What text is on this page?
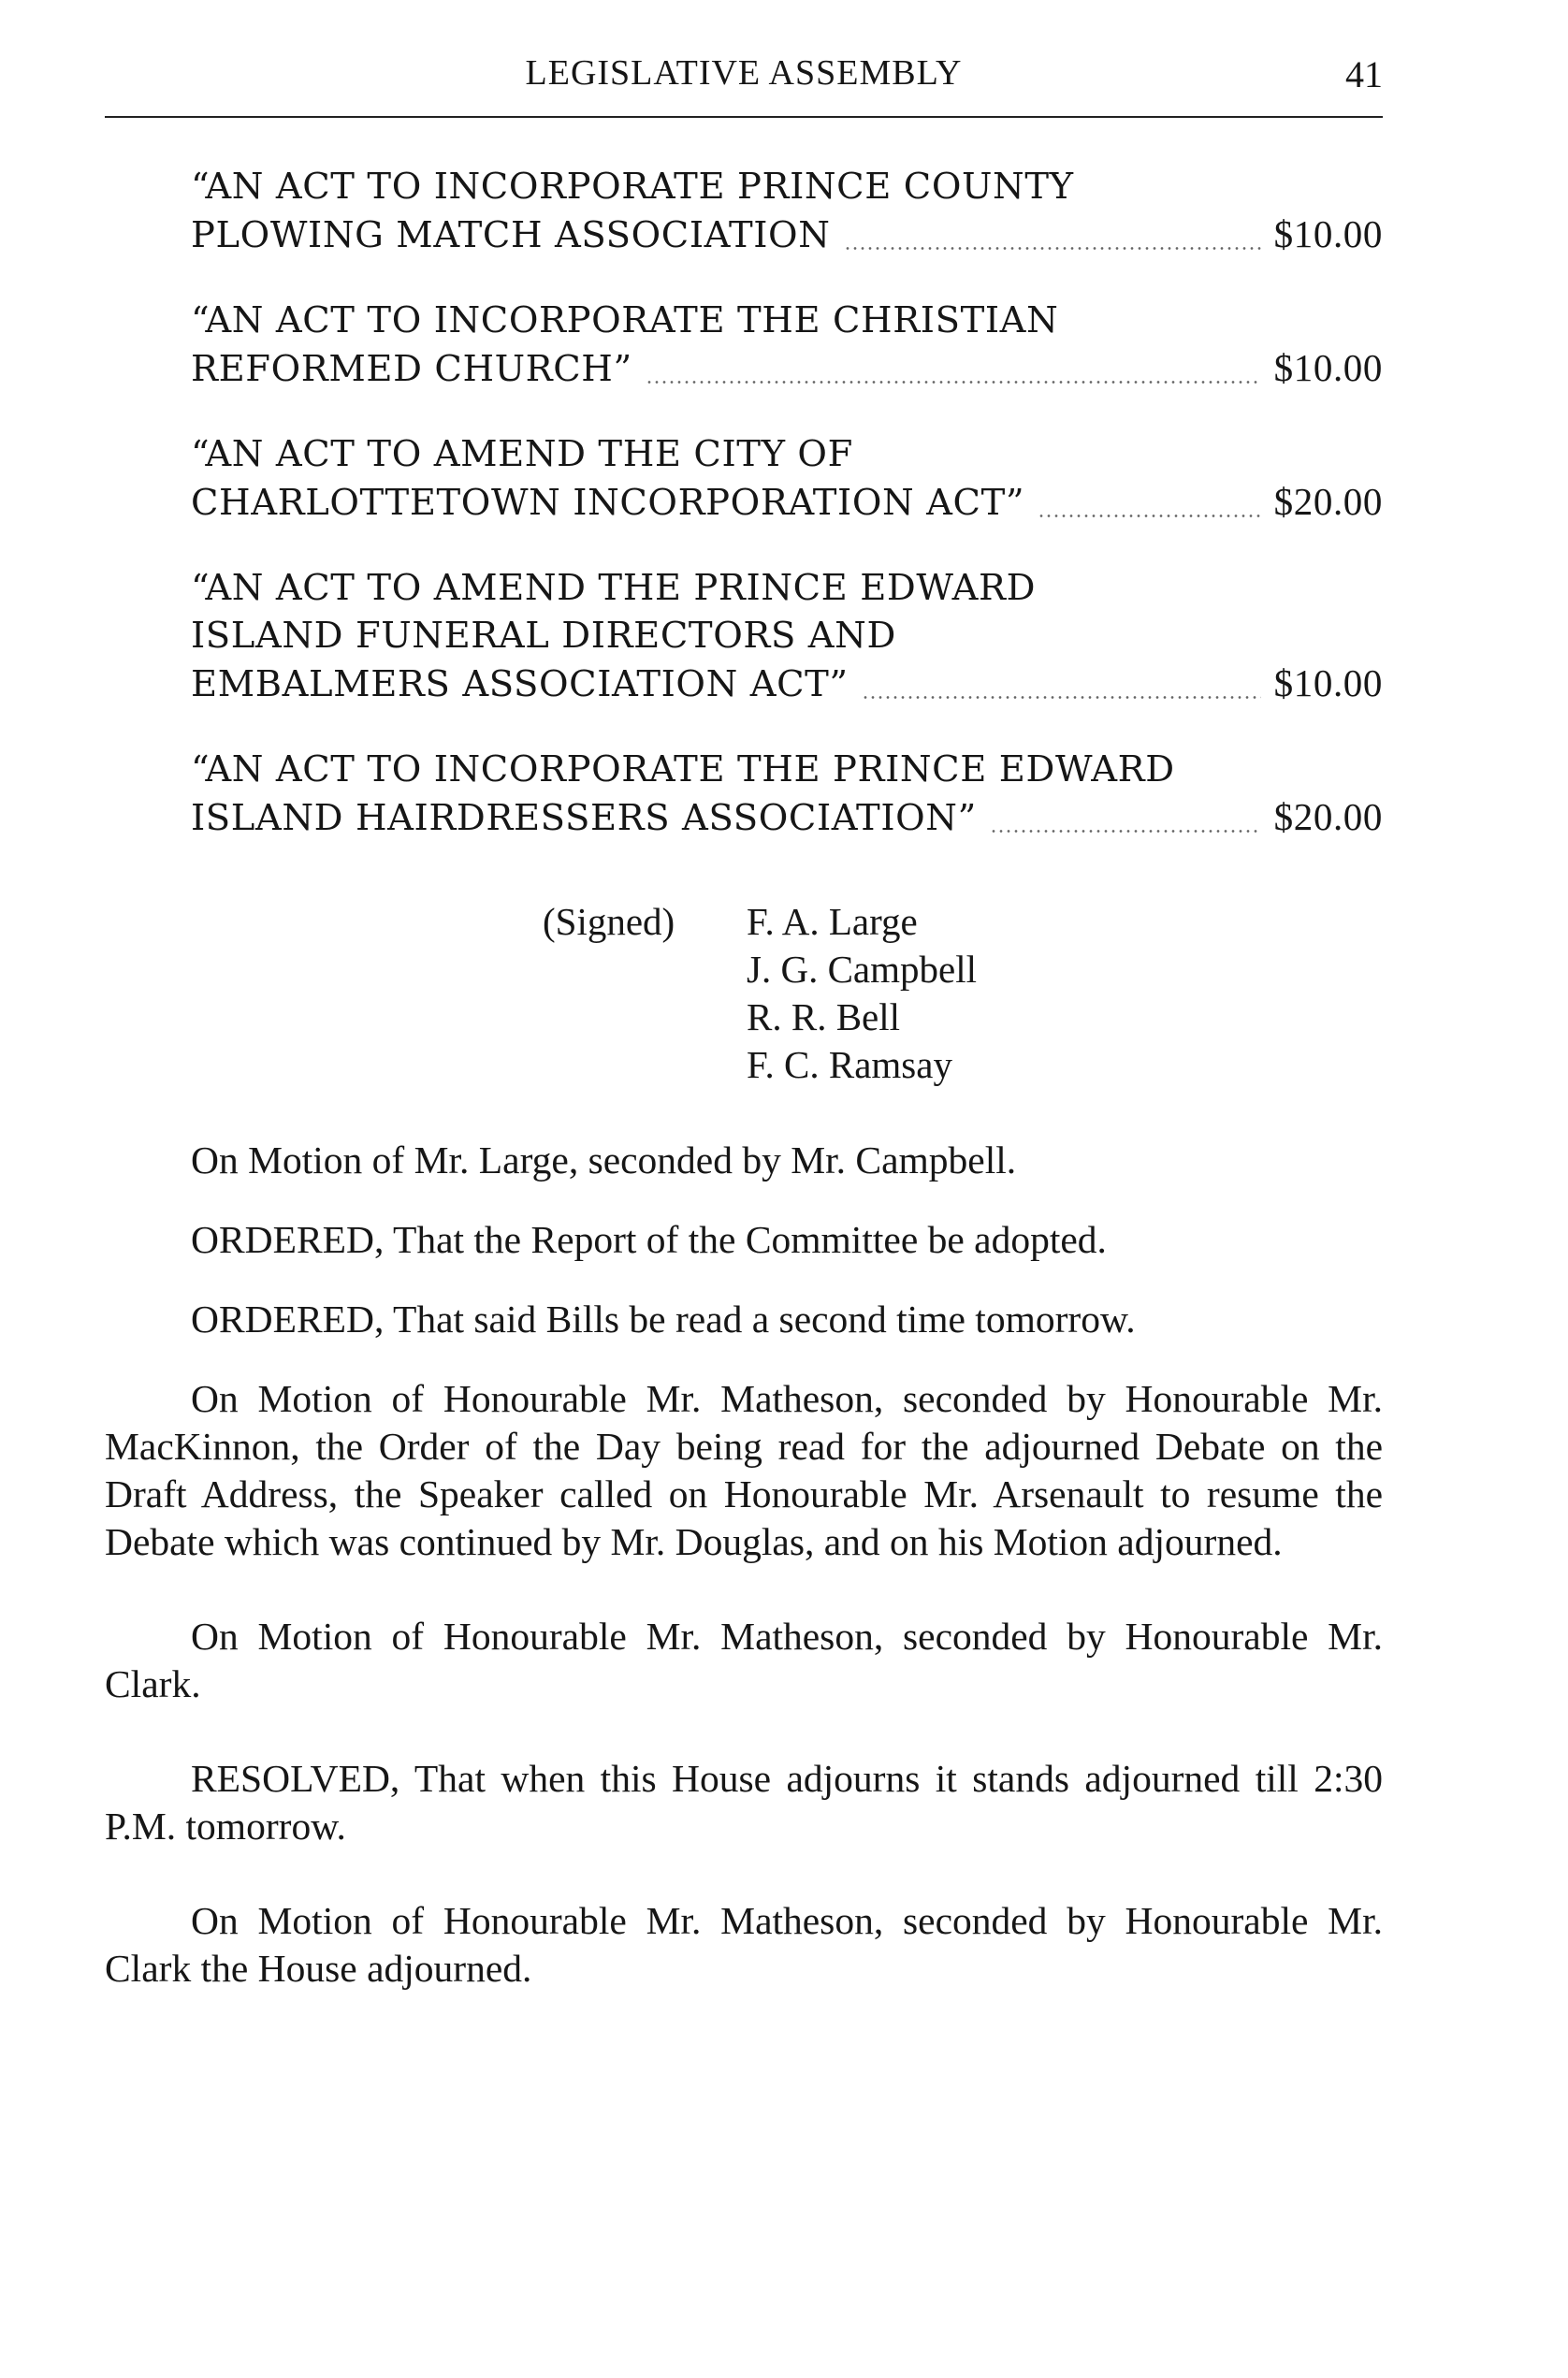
LEGISLATIVE ASSEMBLY	41
“AN ACT TO INCORPORATE PRINCE COUNTY
PLOWING MATCH ASSOCIATION	$10.00
“AN ACT TO INCORPORATE THE CHRISTIAN
REFORMED CHURCH”	$10.00
“AN ACT TO AMEND THE CITY OF
CHARLOTTETOWN INCORPORATION ACT”	$20.00
“AN ACT TO AMEND THE PRINCE EDWARD
ISLAND FUNERAL DIRECTORS AND
EMBALMERS ASSOCIATION ACT”	$10.00
“AN ACT TO INCORPORATE THE PRINCE EDWARD
ISLAND HAIRDRESSERS ASSOCIATION”	$20.00
(Signed)	F. A. Large
J. G. Campbell
R. R. Bell
F. C. Ramsay

On Motion of Mr. Large, seconded by Mr. Campbell.

ORDERED, That the Report of the Committee be adopted.

ORDERED, That said Bills be read a second time tomorrow.

On Motion of Honourable Mr. Matheson, seconded by Honourable Mr. MacKinnon, the Order of the Day being read for the adjourned Debate on the Draft Address, the Speaker called on Honourable Mr. Arsenault to resume the Debate which was continued by Mr. Douglas, and on his Motion adjourned.

On Motion of Honourable Mr. Matheson, seconded by Honourable Mr. Clark.

RESOLVED, That when this House adjourns it stands adjourned till 2:30 P.M. tomorrow.

On Motion of Honourable Mr. Matheson, seconded by Honourable Mr. Clark the House adjourned.
